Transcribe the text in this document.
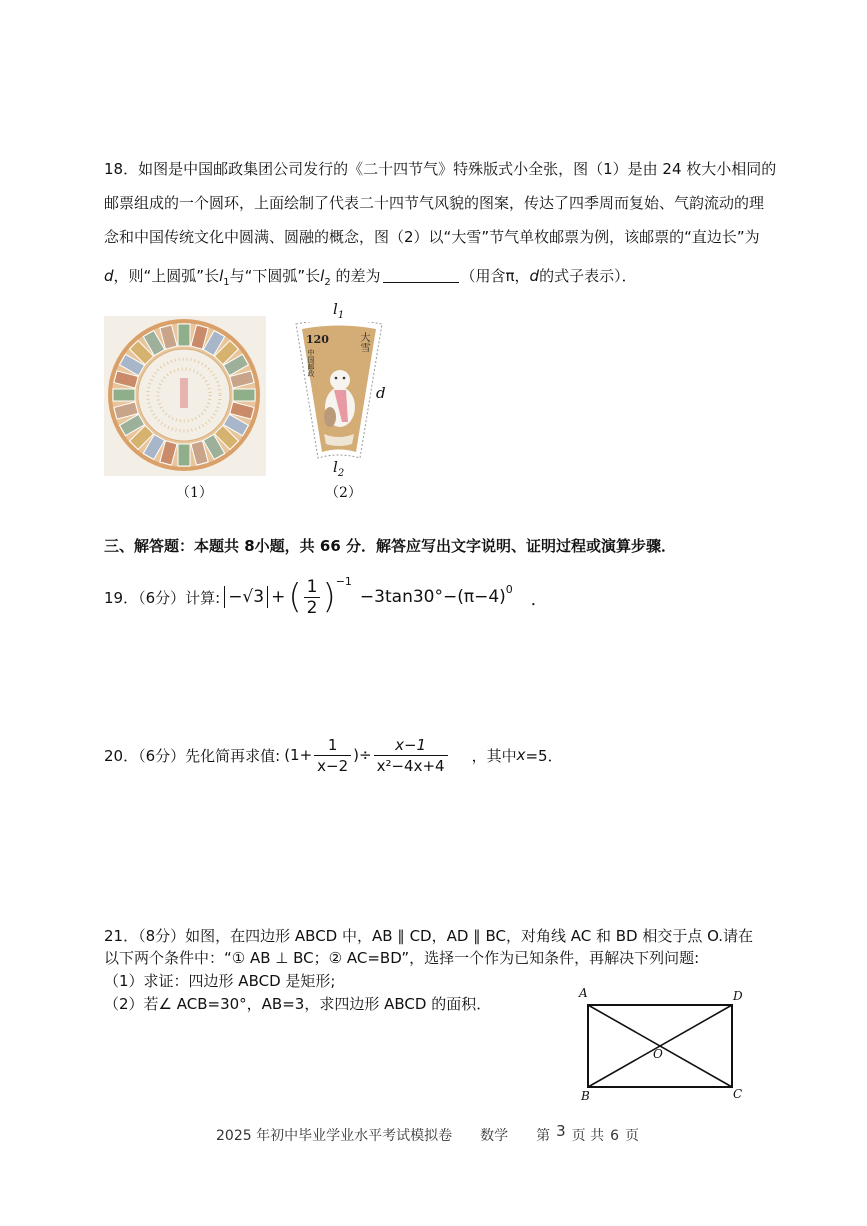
18．如图是中国邮政集团公司发行的《二十四节气》特殊版式小全张，图（1）是由 24 枚大小相同的
邮票组成的一个圆环，上面绘制了代表二十四节气风貌的图案，传达了四季周而复始、气韵流动的理
念和中国传统文化中圆满、圆融的概念，图（2）以“大雪”节气单枚邮票为例，该邮票的“直边长”为
d，则“上圆弧”长$l_1$与“下圆弧”长$l_2$ 的差为	（用含π，d的式子表示）．
（1）
$l_1$
120	大雪
中国邮政
d
$l_2$
（2）
三、解答题：本题共 8小题，共 66 分．解答应写出文字说明、证明过程或演算步骤．
19．（6分）计算: −√3 + ( $\frac{1}{2}$ ) −1
−3tan30°−(π−4) 0
．
20．（6分）先化简再求值: ($1+ \frac{1}{x-2}$ )÷ $\frac{x-1}{\text{x²−4x+4}}$ ，其中 x =5．
21．（8分）如图，在四边形 ABCD 中，AB ∥ CD，AD ∥ BC，对角线 AC 和 BD 相交于点 O.请在
以下两个条件中：“① AB ⊥ BC；② AC=BD”，选择一个作为已知条件，再解决下列问题:
（1）求证：四边形 ABCD 是矩形;
（2）若∠ ACB=30°，AB=3，求四边形 ABCD 的面积．
A	D
O
B	C
2025 年初中毕业学业水平考试模拟卷 数学 第 3 页 共 6 页
